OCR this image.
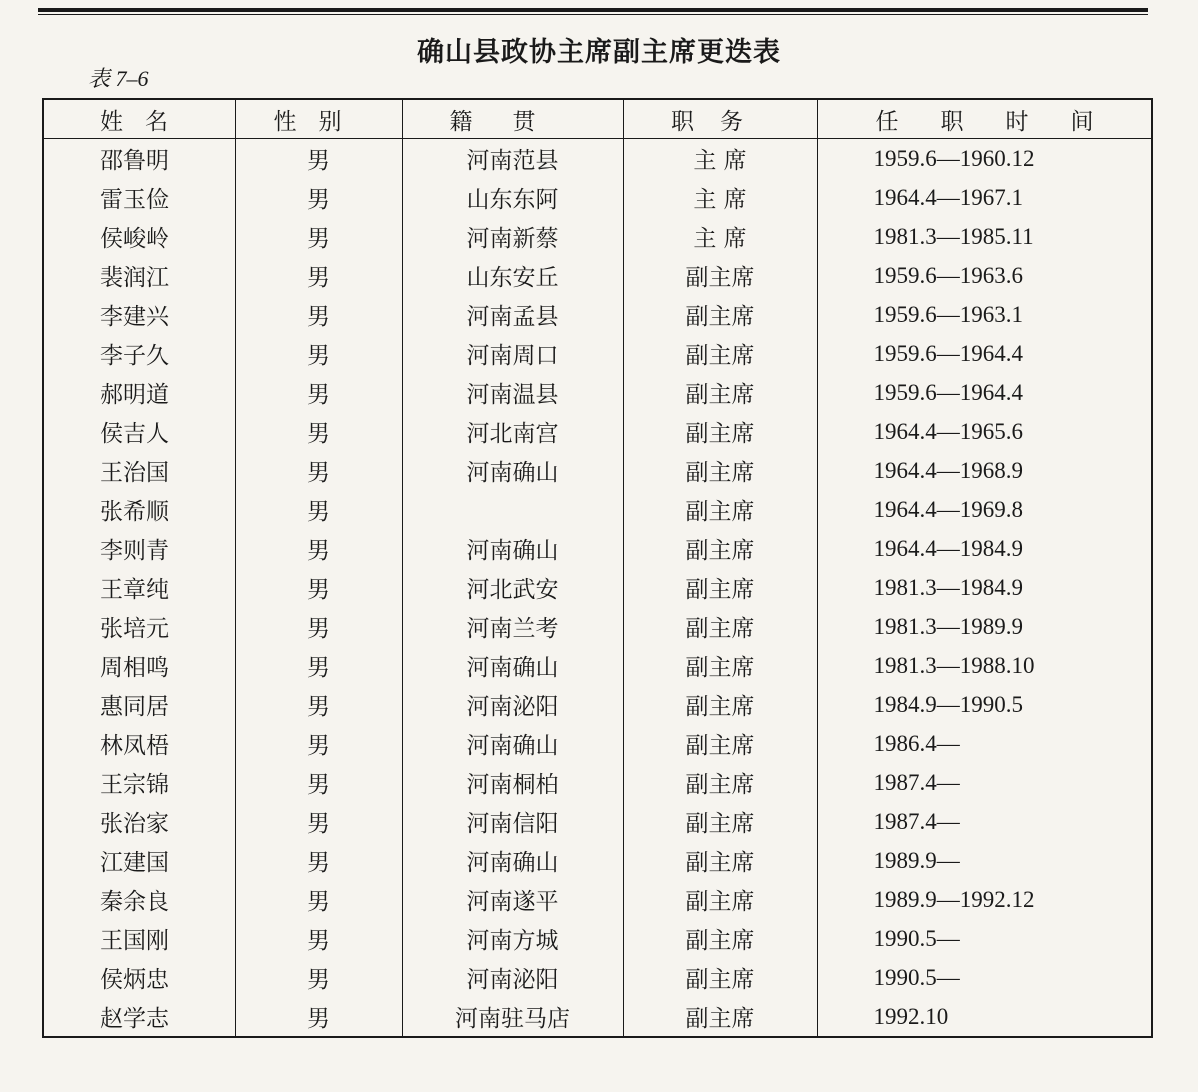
确山县政协主席副主席更迭表
表 7–6
姓名	性别	籍贯	职务	任职时间
邵鲁明	男	河南范县	主 席	1959.6—1960.12
雷玉俭	男	山东东阿	主 席	1964.4—1967.1
侯峻岭	男	河南新蔡	主 席	1981.3—1985.11
裴润江	男	山东安丘	副主席	1959.6—1963.6
李建兴	男	河南孟县	副主席	1959.6—1963.1
李子久	男	河南周口	副主席	1959.6—1964.4
郝明道	男	河南温县	副主席	1959.6—1964.4
侯吉人	男	河北南宫	副主席	1964.4—1965.6
王治国	男	河南确山	副主席	1964.4—1968.9
张希顺	男		副主席	1964.4—1969.8
李则青	男	河南确山	副主席	1964.4—1984.9
王章纯	男	河北武安	副主席	1981.3—1984.9
张培元	男	河南兰考	副主席	1981.3—1989.9
周相鸣	男	河南确山	副主席	1981.3—1988.10
惠同居	男	河南泌阳	副主席	1984.9—1990.5
林凤梧	男	河南确山	副主席	1986.4—
王宗锦	男	河南桐柏	副主席	1987.4—
张治家	男	河南信阳	副主席	1987.4—
江建国	男	河南确山	副主席	1989.9—
秦余良	男	河南遂平	副主席	1989.9—1992.12
王国刚	男	河南方城	副主席	1990.5—
侯炳忠	男	河南泌阳	副主席	1990.5—
赵学志	男	河南驻马店	副主席	1992.10
